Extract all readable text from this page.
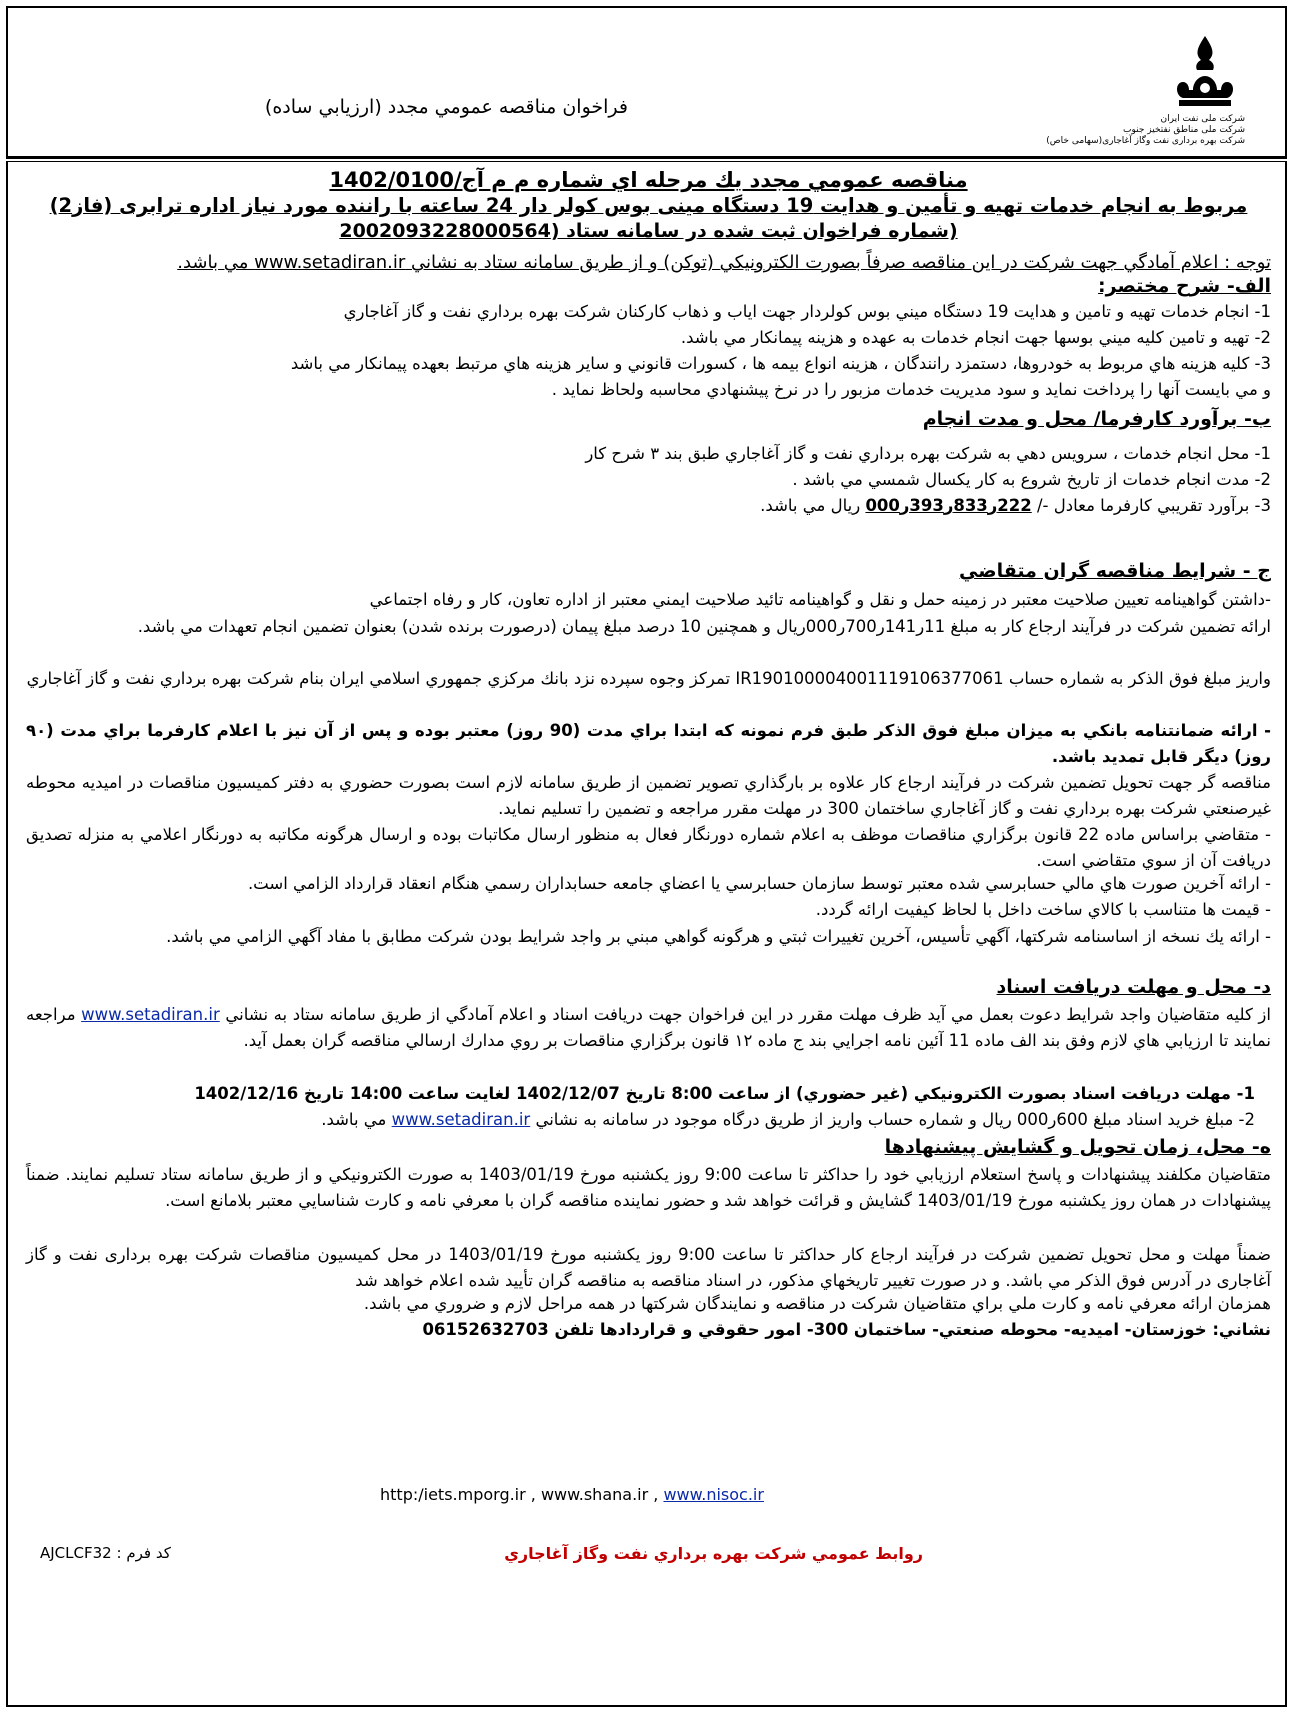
فراخوان مناقصه عمومي مجدد (ارزيابي ساده)
شرکت ملی نفت ایران
شرکت ملی مناطق نفتخیز جنوب
شرکت بهره برداری نفت وگاز آغاجاری(سهامی خاص)
مناقصه عمومي مجدد يك مرحله اي شماره م م آج/1402/0100
مربوط به انجام خدمات تهيه و تأمين و هدايت 19 دستگاه مينى بوس كولر دار 24 ساعته با راننده مورد نياز اداره ترابرى (فاز2)
(شماره فراخوان ثبت شده در سامانه ستاد (2002093228000564
توجه : اعلام آمادگي جهت شركت در اين مناقصه صرفاً بصورت الكترونيكي (توكن) و از طريق سامانه ستاد به نشاني www.setadiran.ir مي باشد.
الف- شرح مختصر:
1- انجام خدمات تهيه و تامين و هدايت 19 دستگاه ميني بوس كولردار جهت اياب و ذهاب كاركنان شركت بهره برداري نفت و گاز آغاجاري
2- تهيه و تامين كليه ميني بوسها جهت انجام خدمات به عهده و هزينه پيمانكار مي باشد.
3- كليه هزينه هاي مربوط به خودروها، دستمزد رانندگان ، هزينه انواع بيمه ها ، كسورات قانوني و ساير هزينه هاي مرتبط بعهده پيمانكار مي باشد
و مي بايست آنها را پرداخت نمايد و سود مديريت خدمات مزبور را در نرخ پيشنهادي محاسبه ولحاظ نمايد .
ب- برآورد كارفرما/ محل و مدت انجام
1- محل انجام خدمات ، سرويس دهي به شركت بهره برداري نفت و گاز آغاجاري طبق بند ٣ شرح كار
2- مدت انجام خدمات از تاريخ شروع به كار يكسال شمسي مي باشد .
3- برآورد تقريبي كارفرما معادل -/ 222ر833ر393ر000 ريال مي باشد.
ج - شرايط مناقصه گران متقاضي
-داشتن گواهينامه تعيين صلاحيت معتبر در زمينه حمل و نقل و گواهينامه تائيد صلاحيت ايمني معتبر از اداره تعاون، كار و رفاه اجتماعي
ارائه تضمين شركت در فرآيند ارجاع كار به مبلغ 11ر141ر700ر000ريال و همچنين 10 درصد مبلغ پيمان (درصورت برنده شدن) بعنوان تضمين انجام تعهدات مي باشد.
واريز مبلغ فوق الذكر به شماره حساب IR190100004001119106377061 تمركز وجوه سپرده نزد بانك مركزي جمهوري اسلامي ايران بنام شركت بهره برداري نفت و گاز آغاجاري
- ارائه ضمانتنامه بانكي به ميزان مبلغ فوق الذكر طبق فرم نمونه كه ابتدا براي مدت (90 روز) معتبر بوده و پس از آن نيز با اعلام كارفرما براي مدت (٩٠ روز) ديگر قابل تمديد باشد.
مناقصه گر جهت تحويل تضمين شركت در فرآيند ارجاع كار علاوه بر بارگذاري تصوير تضمين از طريق سامانه لازم است بصورت حضوري به دفتر كميسيون مناقصات در اميديه محوطه غيرصنعتي شركت بهره برداري نفت و گاز آغاجاري ساختمان 300 در مهلت مقرر مراجعه و تضمين را تسليم نمايد.
- متقاضي براساس ماده 22 قانون برگزاري مناقصات موظف به اعلام شماره دورنگار فعال به منظور ارسال مكاتبات بوده و ارسال هرگونه مكاتبه به دورنگار اعلامي به منزله تصديق دريافت آن از سوي متقاضي است.
- ارائه آخرين صورت هاي مالي حسابرسي شده معتبر توسط سازمان حسابرسي يا اعضاي جامعه حسابداران رسمي هنگام انعقاد قرارداد الزامي است.
- قيمت ها متناسب با كالاي ساخت داخل با لحاظ كيفيت ارائه گردد.
- ارائه يك نسخه از اساسنامه شركتها، آگهي تأسيس، آخرين تغييرات ثبتي و هرگونه گواهي مبني بر واجد شرايط بودن شركت مطابق با مفاد آگهي الزامي مي باشد.
د- محل و مهلت دريافت اسناد
از كليه متقاضيان واجد شرايط دعوت بعمل مي آيد ظرف مهلت مقرر در اين فراخوان جهت دريافت اسناد و اعلام آمادگي از طريق سامانه ستاد به نشاني www.setadiran.ir مراجعه نمايند تا ارزيابي هاي لازم وفق بند الف ماده 11 آئين نامه اجرايي بند ج ماده ١٢ قانون برگزاري مناقصات بر روي مدارك ارسالي مناقصه گران بعمل آيد.
1- مهلت دريافت اسناد بصورت الكترونيكي (غير حضوري) از ساعت 8:00 تاريخ 1402/12/07 لغايت ساعت 14:00 تاريخ 1402/12/16
2- مبلغ خريد اسناد مبلغ 600ر000 ريال و شماره حساب واريز از طريق درگاه موجود در سامانه به نشاني www.setadiran.ir مي باشد.
ه- محل، زمان تحويل و گشايش پيشنهادها
متقاضيان مكلفند پيشنهادات و پاسخ استعلام ارزيابي خود را حداكثر تا ساعت 9:00 روز يكشنبه مورخ 1403/01/19 به صورت الكترونيكي و از طريق سامانه ستاد تسليم نمايند. ضمناً پيشنهادات در همان روز يكشنبه مورخ 1403/01/19 گشايش و قرائت خواهد شد و حضور نماينده مناقصه گران با معرفي نامه و كارت شناسايي معتبر بلامانع است.
ضمناً مهلت و محل تحويل تضمين شركت در فرآيند ارجاع كار حداكثر تا ساعت 9:00 روز يكشنبه مورخ 1403/01/19 در محل كميسيون مناقصات شركت بهره برداری نفت و گاز آغاجاری در آدرس فوق الذكر مي باشد. و در صورت تغيير تاريخهاي مذكور، در اسناد مناقصه به مناقصه گران تأييد شده اعلام خواهد شد
همزمان ارائه معرفي نامه و كارت ملي براي متقاضيان شركت در مناقصه و نمايندگان شركتها در همه مراحل لازم و ضروري مي باشد.
نشاني: خوزستان- اميديه- محوطه صنعتي- ساختمان 300- امور حقوقي و قراردادها تلفن 06152632703
http:/iets.mporg.ir , www.shana.ir , www.nisoc.ir
كد فرم : AJCLCF32	روابط عمومي شركت بهره برداري نفت وگاز آغاجاري
